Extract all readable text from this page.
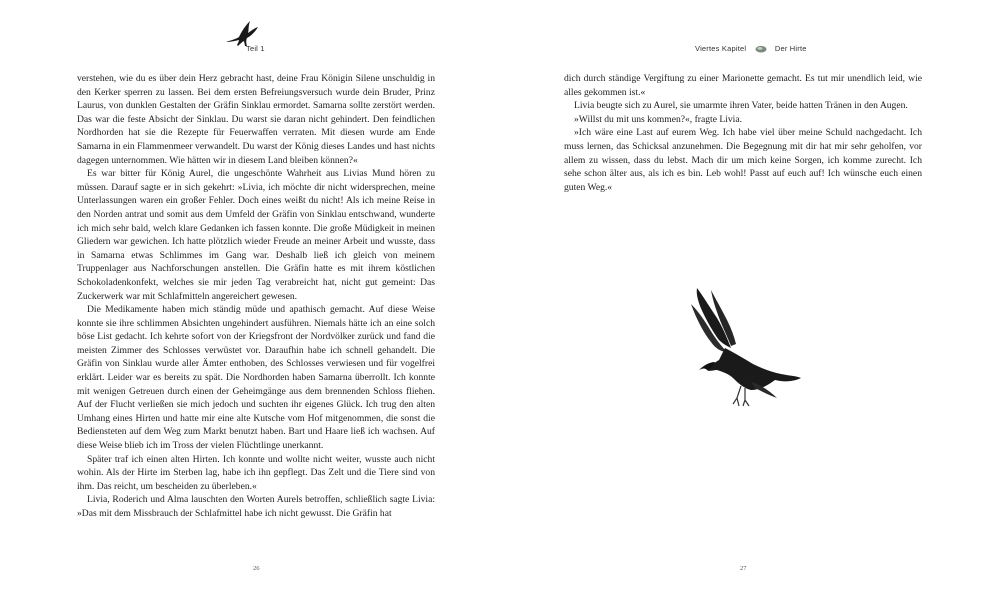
Teil 1

verstehen, wie du es über dein Herz gebracht hast, deine Frau Königin Silene unschuldig in den Kerker sperren zu lassen. Bei dem ersten Befreiungsversuch wurde dein Bruder, Prinz Laurus, von dunklen Gestalten der Gräfin Sinklau ermordet. Samarna sollte zerstört werden. Das war die feste Absicht der Sinklau. Du warst sie daran nicht gehindert. Den feindlichen Nordhorden hat sie die Rezepte für Feuerwaffen verraten. Mit diesen wurde am Ende Samarna in ein Flammenmeer verwandelt. Du warst der König dieses Landes und hast nichts dagegen unternommen. Wie hätten wir in diesem Land bleiben können?«

Es war bitter für König Aurel, die ungeschönte Wahrheit aus Livias Mund hören zu müssen. Darauf sagte er in sich gekehrt: »Livia, ich möchte dir nicht widersprechen, meine Unterlassungen waren ein großer Fehler. Doch eines weißt du nicht! Als ich meine Reise in den Norden antrat und somit aus dem Umfeld der Gräfin von Sinklau entschwand, wunderte ich mich sehr bald, welch klare Gedanken ich fassen konnte. Die große Müdigkeit in meinen Gliedern war gewichen. Ich hatte plötzlich wieder Freude an meiner Arbeit und wusste, dass in Samarna etwas Schlimmes im Gang war. Deshalb ließ ich gleich von meinem Truppenlager aus Nachforschungen anstellen. Die Gräfin hatte es mit ihrem köstlichen Schokoladenkonfekt, welches sie mir jeden Tag verabreicht hat, nicht gut gemeint: Das Zuckerwerk war mit Schlafmitteln angereichert gewesen.

Die Medikamente haben mich ständig müde und apathisch gemacht. Auf diese Weise konnte sie ihre schlimmen Absichten ungehindert ausführen. Niemals hätte ich an eine solch böse List gedacht. Ich kehrte sofort von der Kriegsfront der Nordvölker zurück und fand die meisten Zimmer des Schlosses verwüstet vor. Daraufhin habe ich schnell gehandelt. Die Gräfin von Sinklau wurde aller Ämter enthoben, des Schlosses verwiesen und für vogelfrei erklärt. Leider war es bereits zu spät. Die Nordhorden haben Samarna überrollt. Ich konnte mit wenigen Getreuen durch einen der Geheimgänge aus dem brennenden Schloss fliehen. Auf der Flucht verließen sie mich jedoch und suchten ihr eigenes Glück. Ich trug den alten Umhang eines Hirten und hatte mir eine alte Kutsche vom Hof mitgenommen, die sonst die Bediensteten auf dem Weg zum Markt benutzt haben. Bart und Haare ließ ich wachsen. Auf diese Weise blieb ich im Tross der vielen Flüchtlinge unerkannt.

Später traf ich einen alten Hirten. Ich konnte und wollte nicht weiter, wusste auch nicht wohin. Als der Hirte im Sterben lag, habe ich ihn gepflegt. Das Zelt und die Tiere sind von ihm. Das reicht, um bescheiden zu überleben.«

Livia, Roderich und Alma lauschten den Worten Aurels betroffen, schließlich sagte Livia: »Das mit dem Missbrauch der Schlafmittel habe ich nicht gewusst. Die Gräfin hat

26
Viertes Kapitel	Der Hirte

dich durch ständige Vergiftung zu einer Marionette gemacht. Es tut mir unendlich leid, wie alles gekommen ist.«

Livia beugte sich zu Aurel, sie umarmte ihren Vater, beide hatten Tränen in den Augen.

»Willst du mit uns kommen?«, fragte Livia.

»Ich wäre eine Last auf eurem Weg. Ich habe viel über meine Schuld nachgedacht. Ich muss lernen, das Schicksal anzunehmen. Die Begegnung mit dir hat mir sehr geholfen, vor allem zu wissen, dass du lebst. Mach dir um mich keine Sorgen, ich komme zurecht. Ich sehe schon älter aus, als ich es bin. Leb wohl! Passt auf euch auf! Ich wünsche euch einen guten Weg.«

27
